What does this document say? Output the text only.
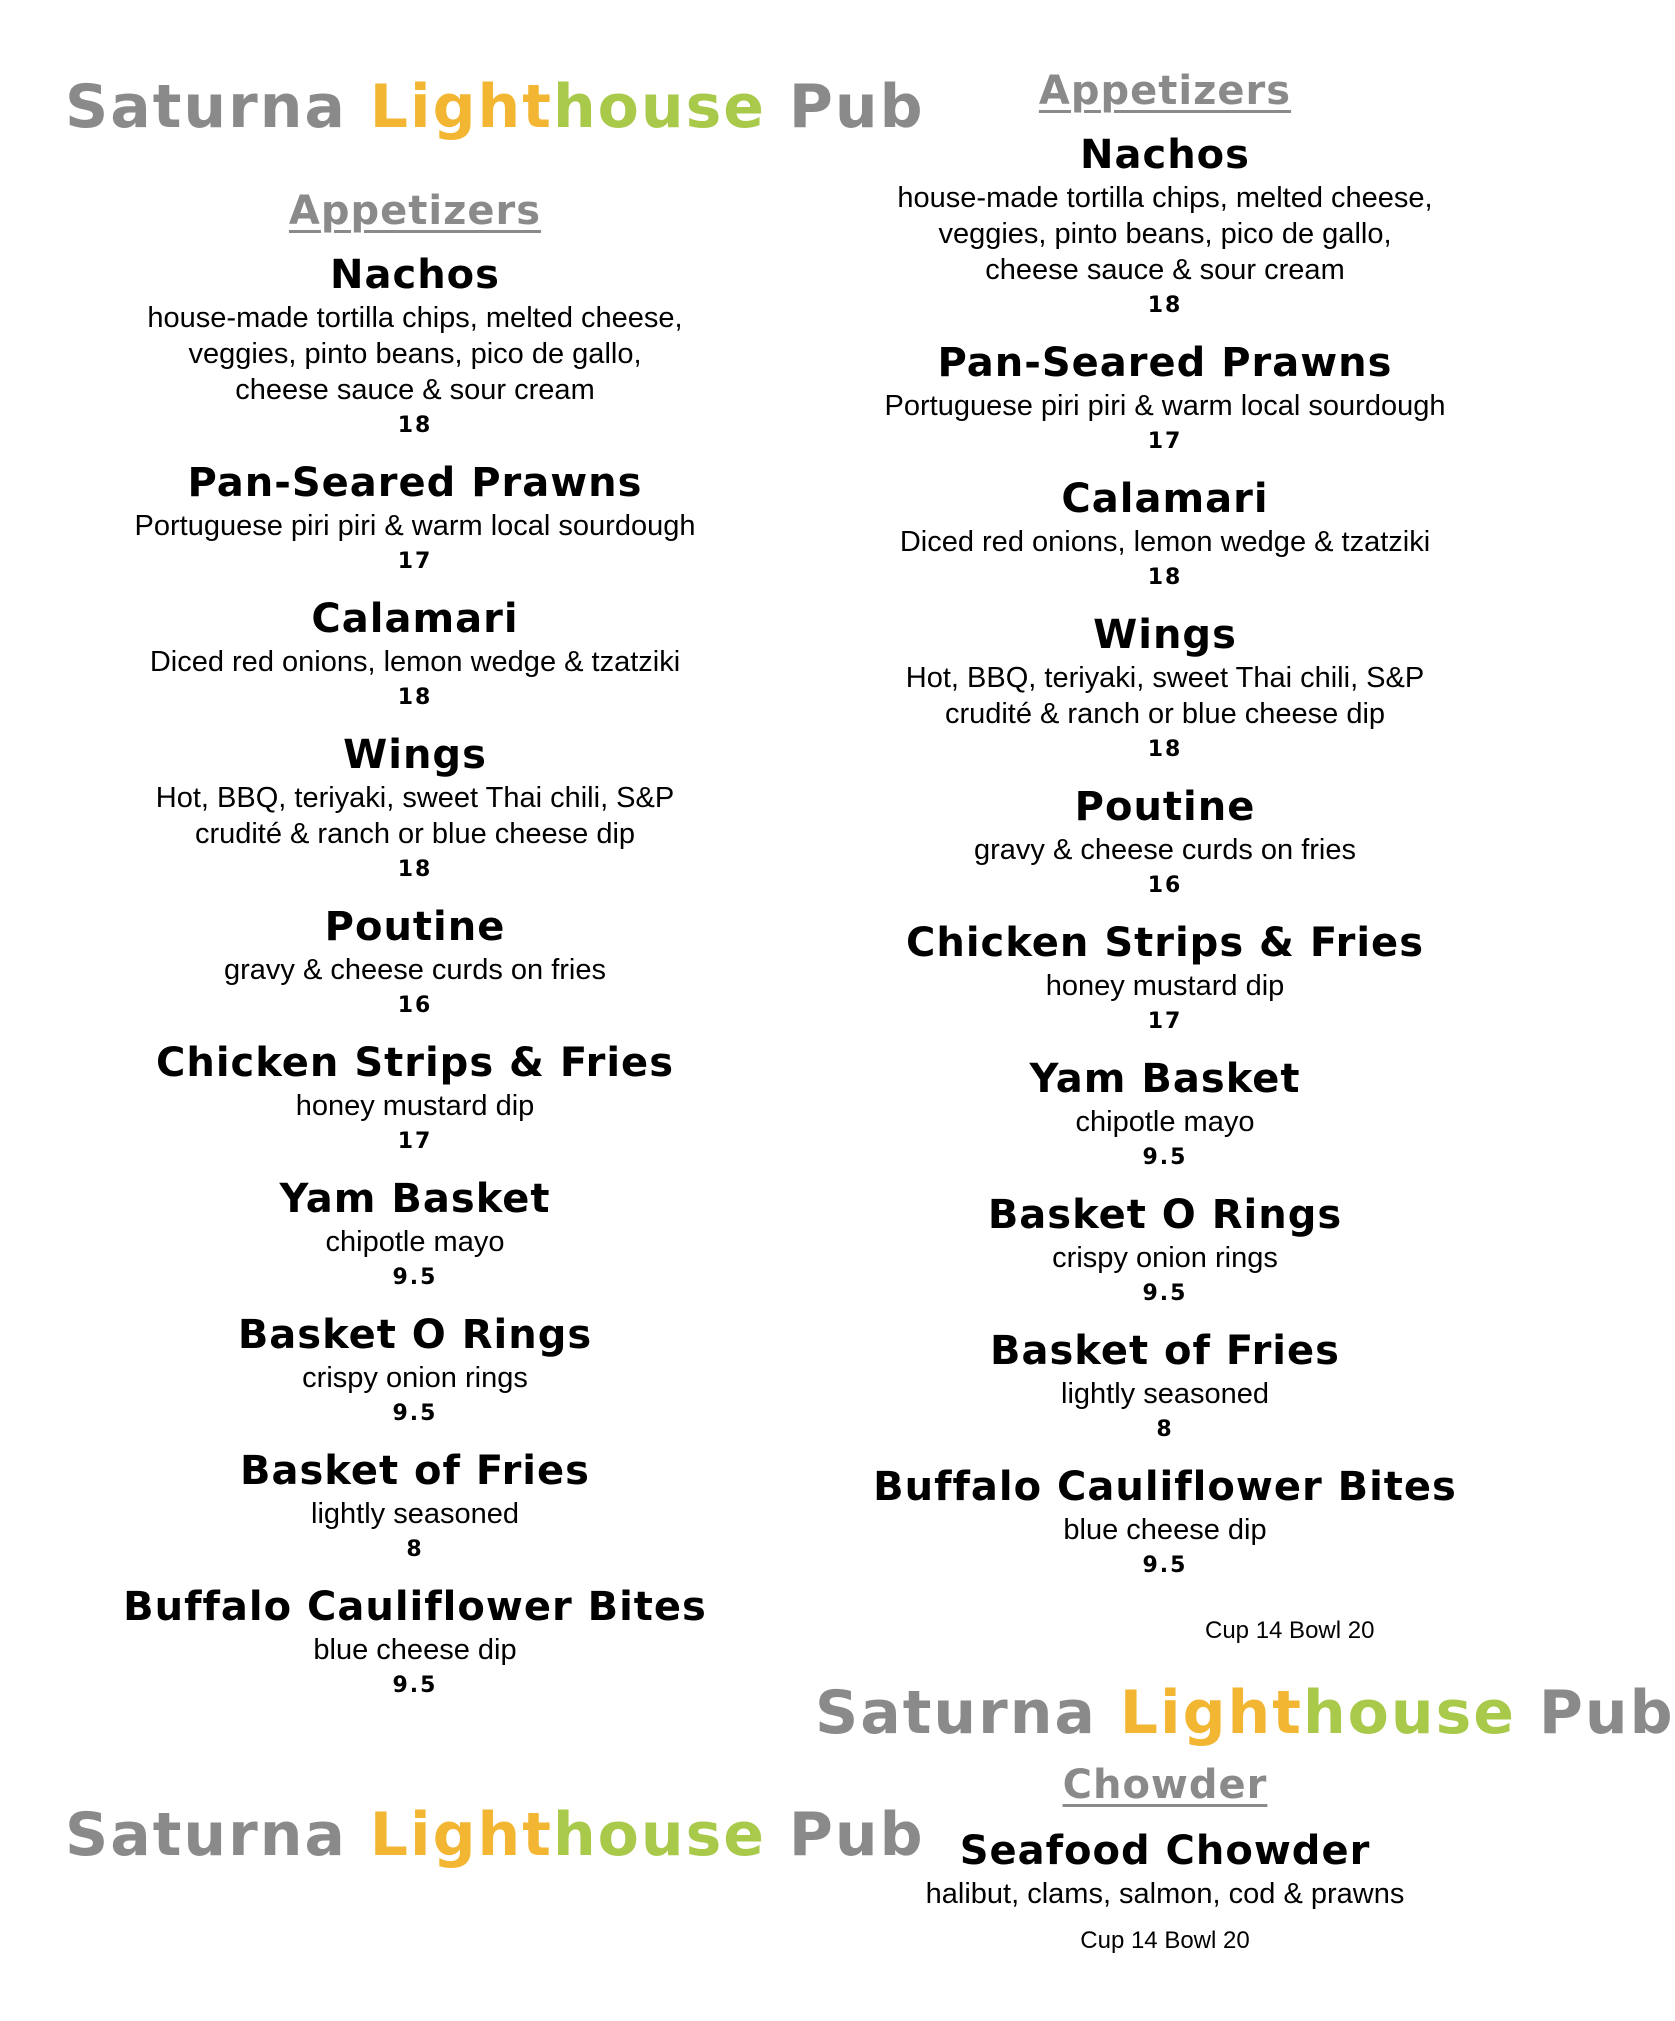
Saturna Lighthouse Pub
Appetizers
Nachos
house-made tortilla chips, melted cheese,
veggies, pinto beans, pico de gallo,
cheese sauce & sour cream
18
Pan-Seared Prawns
Portuguese piri piri & warm local sourdough
17
Calamari
Diced red onions, lemon wedge & tzatziki
18
Wings
Hot, BBQ, teriyaki, sweet Thai chili, S&P
crudité & ranch or blue cheese dip
18
Poutine
gravy & cheese curds on fries
16
Chicken Strips & Fries
honey mustard dip
17
Yam Basket
chipotle mayo
9.5
Basket O Rings
crispy onion rings
9.5
Basket of Fries
lightly seasoned
8
Buffalo Cauliflower Bites
blue cheese dip
9.5
Saturna Lighthouse Pub
Appetizers
Nachos
house-made tortilla chips, melted cheese,
veggies, pinto beans, pico de gallo,
cheese sauce & sour cream
18
Pan-Seared Prawns
Portuguese piri piri & warm local sourdough
17
Calamari
Diced red onions, lemon wedge & tzatziki
18
Wings
Hot, BBQ, teriyaki, sweet Thai chili, S&P
crudité & ranch or blue cheese dip
18
Poutine
gravy & cheese curds on fries
16
Chicken Strips & Fries
honey mustard dip
17
Yam Basket
chipotle mayo
9.5
Basket O Rings
crispy onion rings
9.5
Basket of Fries
lightly seasoned
8
Buffalo Cauliflower Bites
blue cheese dip
9.5
Cup 14 Bowl 20
Saturna Lighthouse Pub
Chowder
Seafood Chowder
halibut, clams, salmon, cod & prawns
Cup 14 Bowl 20
